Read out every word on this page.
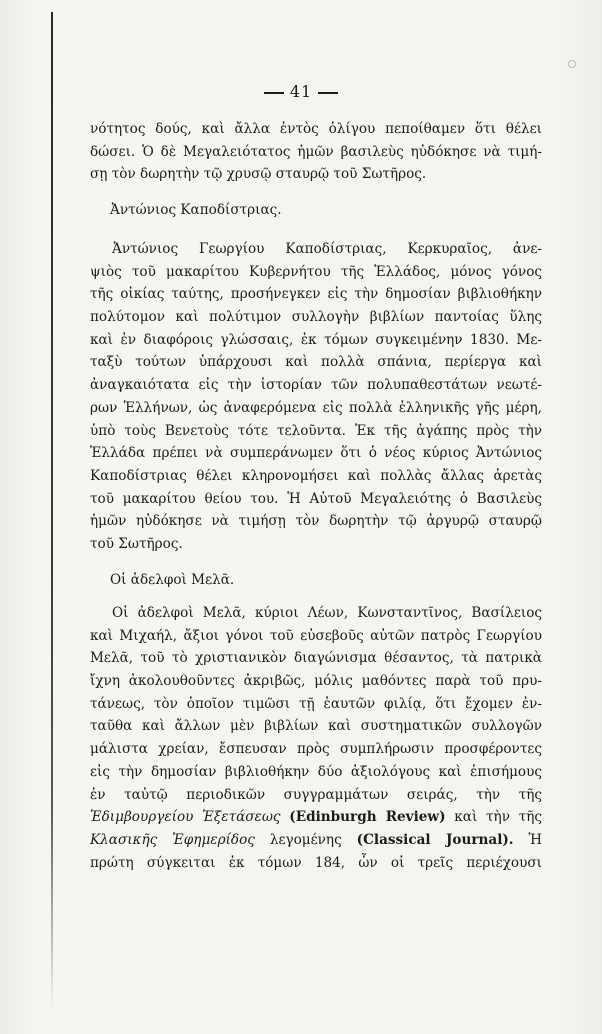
41
νότητος δούς, καὶ ἄλλα ἐντὸς ὀλίγου πεποίθαμεν ὅτι θέλει
δώσει. Ὁ δὲ Μεγαλειότατος ἡμῶν βασιλεὺς ηὐδόκησε νὰ τιμή-
σῃ τὸν δωρητὴν τῷ χρυσῷ σταυρῷ τοῦ Σωτῆρος.
Ἀντώνιος Καποδίστριας.
Ἀντώνιος Γεωργίου Καποδίστριας, Κερκυραῖος, ἀνε-
ψιὸς τοῦ μακαρίτου Κυβερνήτου τῆς Ἑλλάδος, μόνος γόνος
τῆς οἰκίας ταύτης, προσήνεγκεν εἰς τὴν δημοσίαν βιβλιοθήκην
πολύτομον καὶ πολύτιμον συλλογὴν βιβλίων παντοίας ὕλης
καὶ ἐν διαφόροις γλώσσαις, ἐκ τόμων συγκειμένην 1830. Με-
ταξὺ τούτων ὑπάρχουσι καὶ πολλὰ σπάνια, περίεργα καὶ
ἀναγκαιότατα εἰς τὴν ἱστορίαν τῶν πολυπαθεστάτων νεωτέ-
ρων Ἑλλήνων, ὡς ἀναφερόμενα εἰς πολλὰ ἑλληνικῆς γῆς μέρη,
ὑπὸ τοὺς Βενετοὺς τότε τελοῦντα. Ἐκ τῆς ἀγάπης πρὸς τὴν
Ἑλλάδα πρέπει νὰ συμπεράνωμεν ὅτι ὁ νέος κύριος Ἀντώνιος
Καποδίστριας θέλει κληρονομήσει καὶ πολλὰς ἄλλας ἀρετὰς
τοῦ μακαρίτου θείου του. Ἡ Αὐτοῦ Μεγαλειότης ὁ Βασιλεὺς
ἡμῶν ηὐδόκησε νὰ τιμήσῃ τὸν δωρητὴν τῷ ἀργυρῷ σταυρῷ
τοῦ Σωτῆρος.
Οἱ ἀδελφοὶ Μελᾶ.
Οἱ ἀδελφοὶ Μελᾶ, κύριοι Λέων, Κωνσταντῖνος, Βασίλειος
καὶ Μιχαήλ, ἄξιοι γόνοι τοῦ εὐσεβοῦς αὐτῶν πατρὸς Γεωργίου
Μελᾶ, τοῦ τὸ χριστιανικὸν διαγώνισμα θέσαντος, τὰ πατρικὰ
ἴχνη ἀκολουθοῦντες ἀκριβῶς, μόλις μαθόντες παρὰ τοῦ πρυ-
τάνεως, τὸν ὁποῖον τιμῶσι τῇ ἑαυτῶν φιλίᾳ, ὅτι ἔχομεν ἐν-
ταῦθα καὶ ἄλλων μὲν βιβλίων καὶ συστηματικῶν συλλογῶν
μάλιστα χρείαν, ἔσπευσαν πρὸς συμπλήρωσιν προσφέροντες
εἰς τὴν δημοσίαν βιβλιοθήκην δύο ἀξιολόγους καὶ ἐπισήμους
ἐν ταὐτῷ περιοδικῶν συγγραμμάτων σειράς, τὴν τῆς
Ἐδιμβουργείου Ἐξετάσεως (Edinburgh Review) καὶ τὴν τῆς
Κλασικῆς Ἐφημερίδος λεγομένης (Classical Journal). Ἡ
πρώτη σύγκειται ἐκ τόμων 184, ὧν οἱ τρεῖς περιέχουσι
